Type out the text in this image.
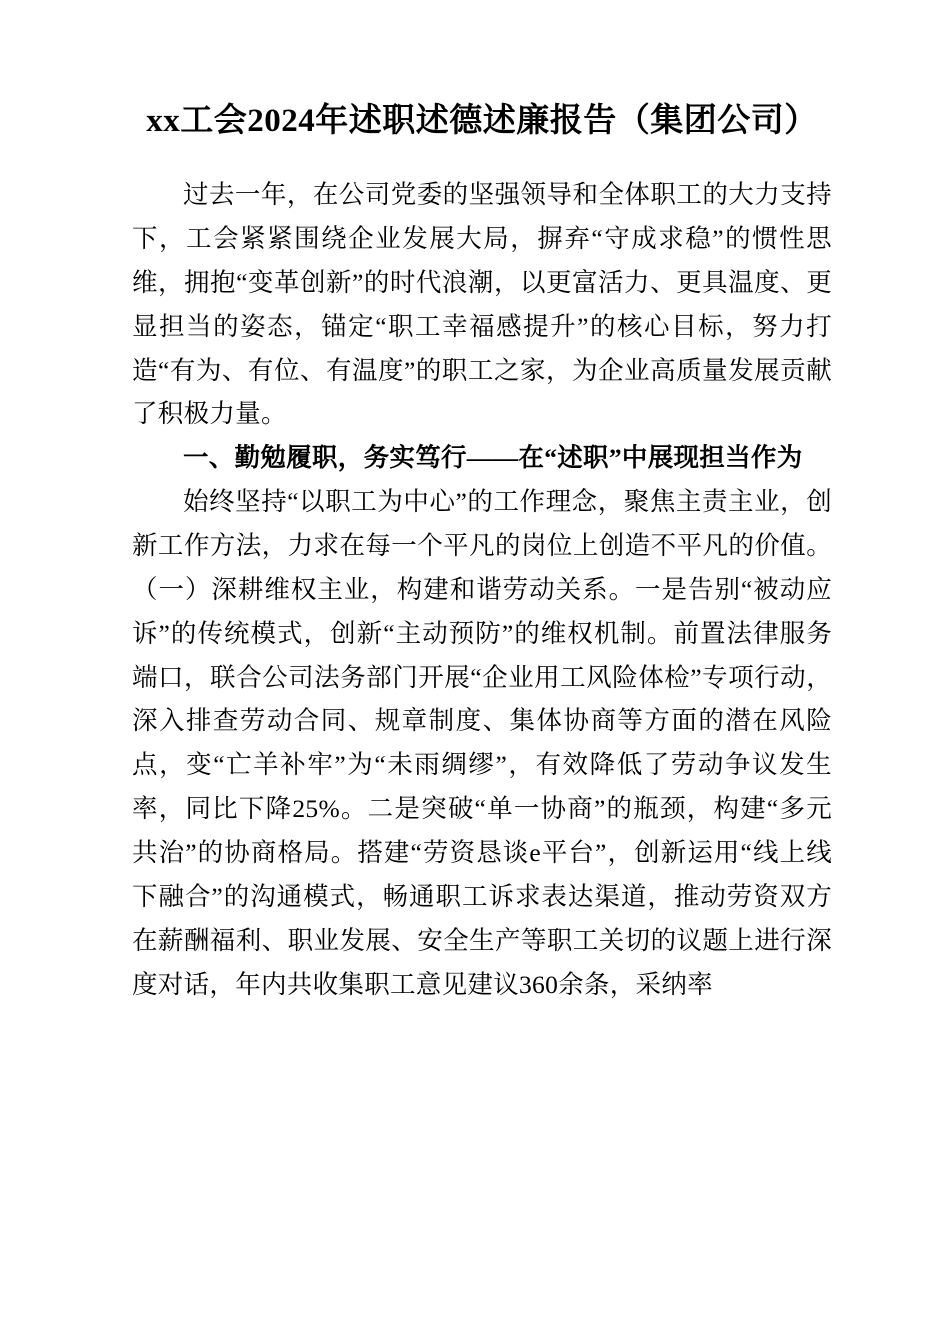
xx工会2024年述职述德述廉报告（集团公司）

过去一年，在公司党委的坚强领导和全体职工的大力支持下，工会紧紧围绕企业发展大局，摒弃“守成求稳”的惯性思维，拥抱“变革创新”的时代浪潮，以更富活力、更具温度、更显担当的姿态，锚定“职工幸福感提升”的核心目标，努力打造“有为、有位、有温度”的职工之家，为企业高质量发展贡献了积极力量。

一、勤勉履职，务实笃行——在“述职”中展现担当作为

始终坚持“以职工为中心”的工作理念，聚焦主责主业，创新工作方法，力求在每一个平凡的岗位上创造不平凡的价值。（一）深耕维权主业，构建和谐劳动关系。一是告别“被动应诉”的传统模式，创新“主动预防”的维权机制。前置法律服务端口，联合公司法务部门开展“企业用工风险体检”专项行动，深入排查劳动合同、规章制度、集体协商等方面的潜在风险点，变“亡羊补牢”为“未雨绸缪”，有效降低了劳动争议发生率，同比下降25%。二是突破“单一协商”的瓶颈，构建“多元共治”的协商格局。搭建“劳资恳谈e平台”，创新运用“线上线下融合”的沟通模式，畅通职工诉求表达渠道，推动劳资双方在薪酬福利、职业发展、安全生产等职工关切的议题上进行深度对话，年内共收集职工意见建议360余条，采纳率
